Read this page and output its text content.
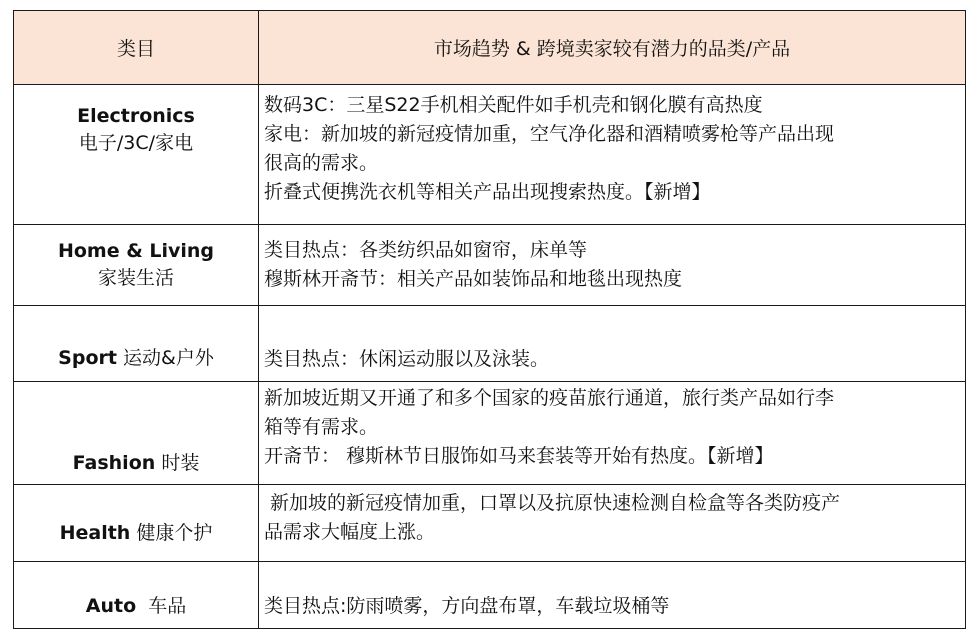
类目	市场趋势 & 跨境卖家较有潜力的品类/产品

Electronics
电子/3C/家电	数码3C：三星S22手机相关配件如手机壳和钢化膜有高热度
家电：新加坡的新冠疫情加重，空气净化器和酒精喷雾枪等产品出现
很高的需求。
折叠式便携洗衣机等相关产品出现搜索热度。【新增】

Home & Living
家装生活	类目热点：各类纺织品如窗帘，床单等
穆斯林开斋节：相关产品如装饰品和地毯出现热度

Sport 运动&户外	类目热点：休闲运动服以及泳装。

Fashion 时装	新加坡近期又开通了和多个国家的疫苗旅行通道，旅行类产品如行李
箱等有需求。
开斋节： 穆斯林节日服饰如马来套装等开始有热度。【新增】

Health 健康个护	新加坡的新冠疫情加重，口罩以及抗原快速检测自检盒等各类防疫产
品需求大幅度上涨。

Auto  车品	类目热点:防雨喷雾，方向盘布罩，车载垃圾桶等
